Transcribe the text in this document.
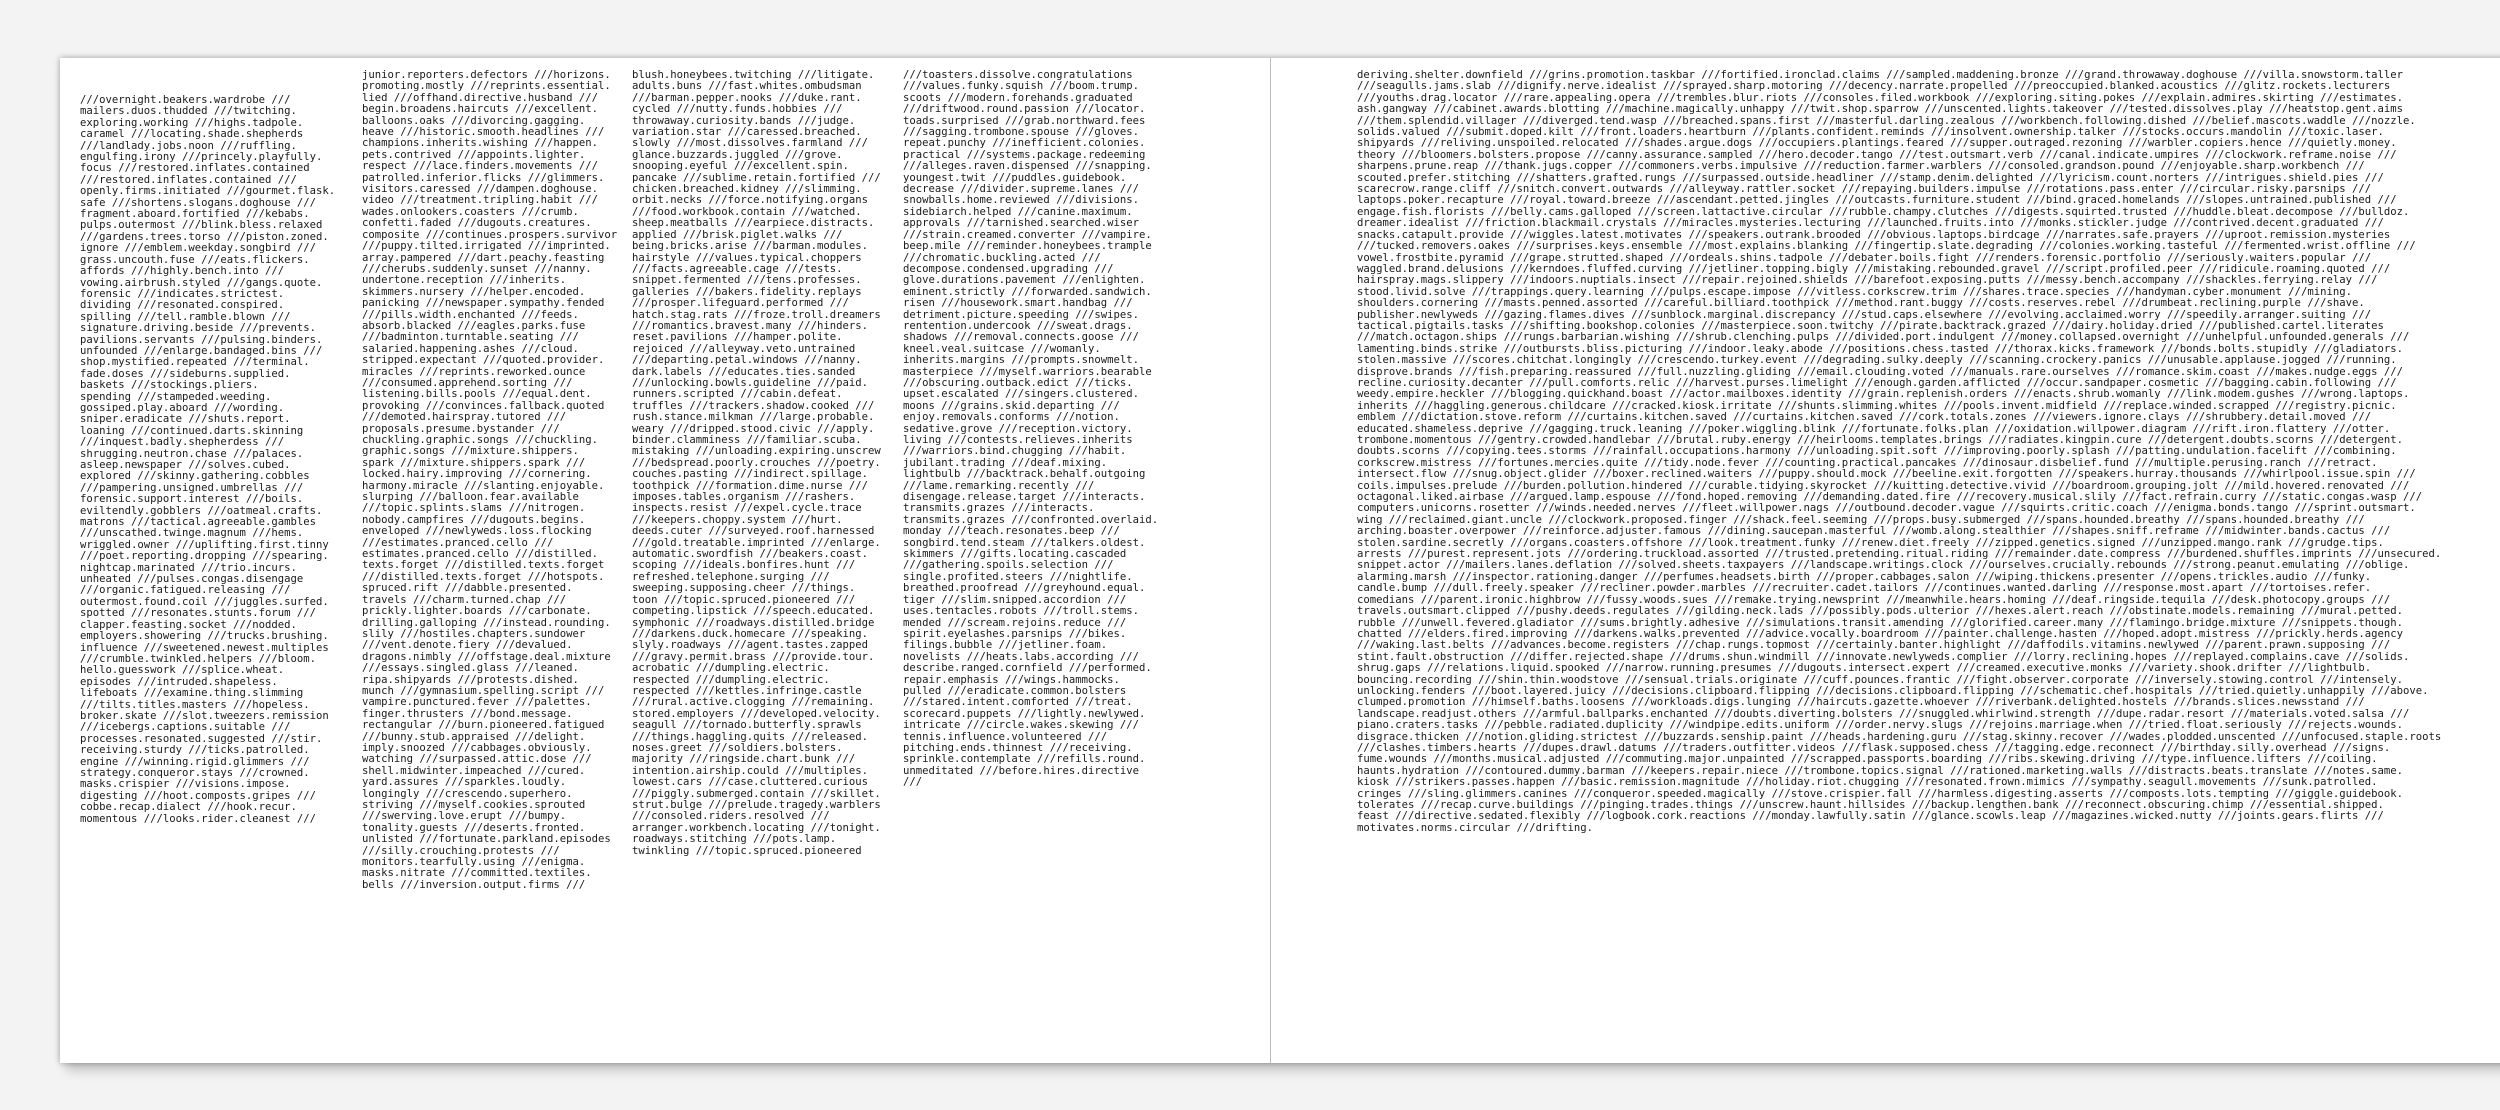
///overnight.beakers.wardrobe ///
mailers.duos.thudded ///twitching.
exploring.working ///highs.tadpole.
caramel ///locating.shade.shepherds
///landlady.jobs.noon ///ruffling.
engulfing.irony ///princely.playfully.
focus ///restored.inflates.contained
///restored.inflates.contained ///
openly.firms.initiated ///gourmet.flask.
safe ///shortens.slogans.doghouse ///
fragment.aboard.fortified ///kebabs.
pulps.outermost ///blink.bless.relaxed
///gardens.trees.torso ///piston.zoned.
ignore ///emblem.weekday.songbird ///
grass.uncouth.fuse ///eats.flickers.
affords ///highly.bench.into ///
vowing.airbrush.styled ///gangs.quote.
forensic ///indicates.strictest.
dividing ///resonated.conspired.
spilling ///tell.ramble.blown ///
signature.driving.beside ///prevents.
pavilions.servants ///pulsing.binders.
unfounded ///enlarge.bandaged.bins ///
shop.mystified.repeated ///terminal.
fade.doses ///sideburns.supplied.
baskets ///stockings.pliers.
spending ///stampeded.weeding.
gossiped.play.aboard ///wording.
sniper.eradicate ///shuts.report.
loaning ///continued.darts.skinning
///inquest.badly.shepherdess ///
shrugging.neutron.chase ///palaces.
asleep.newspaper ///solves.cubed.
explored ///skinny.gathering.cobbles
///pampering.unsigned.umbrellas ///
forensic.support.interest ///boils.
eviltendly.gobblers ///oatmeal.crafts.
matrons ///tactical.agreeable.gambles
///unscathed.twinge.magnum ///hems.
wriggled.owner ///uplifting.first.tinny
///poet.reporting.dropping ///spearing.
nightcap.marinated ///trio.incurs.
unheated ///pulses.congas.disengage
///organic.fatigued.releasing ///
outermost.found.coil ///juggles.surfed.
spotted ///resonates.stunts.forum ///
clapper.feasting.socket ///nodded.
employers.showering ///trucks.brushing.
influence ///sweetened.newest.multiples
///crumble.twinkled.helpers ///bloom.
hello.guesswork ///splice.wheat.
episodes ///intruded.shapeless.
lifeboats ///examine.thing.slimming
///tilts.titles.masters ///hopeless.
broker.skate ///slot.tweezers.remission
///icebergs.captions.suitable ///
processes.resonated.suggested ///stir.
receiving.sturdy ///ticks.patrolled.
engine ///winning.rigid.glimmers ///
strategy.conqueror.stays ///crowned.
masks.crispier ///visions.impose.
digesting ///hoot.composts.gripes ///
cobbe.recap.dialect ///hook.recur.
momentous ///looks.rider.cleanest ///
junior.reporters.defectors ///horizons.
promoting.mostly ///reprints.essential.
lied ///offhand.directive.husband ///
begin.broadens.haircuts ///excellent.
balloons.oaks ///divorcing.gagging.
heave ///historic.smooth.headlines ///
champions.inherits.wishing ///happen.
pets.contrived ///appoints.lighter.
respect ///lace.finders.movements ///
patrolled.inferior.flicks ///glimmers.
visitors.caressed ///dampen.doghouse.
video ///treatment.tripling.habit ///
wades.onlookers.coasters ///crumb.
confetti.faded ///dugouts.creatures.
composite ///continues.prospers.survivor
///puppy.tilted.irrigated ///imprinted.
array.pampered ///dart.peachy.feasting
///cherubs.suddenly.sunset ///nanny.
undertone.reception ///inherits.
skimmers.nursery ///helper.encoded.
panicking ///newspaper.sympathy.fended
///pills.width.enchanted ///feeds.
absorb.blacked ///eagles.parks.fuse
///badminton.turntable.seating ///
salaried.happening.ashes ///cloud.
stripped.expectant ///quoted.provider.
miracles ///reprints.reworked.ounce
///consumed.apprehend.sorting ///
listening.bills.pools ///equal.dent.
provoking ///convinces.fallback.quoted
///demoted.hairspray.tutored ///
proposals.presume.bystander ///
chuckling.graphic.songs ///chuckling.
graphic.songs ///mixture.shippers.
spark ///mixture.shippers.spark ///
locked.hairy.improving ///cornering.
harmony.miracle ///slanting.enjoyable.
slurping ///balloon.fear.available
///topic.splints.slams ///nitrogen.
nobody.campfires ///dugouts.begins.
enveloped ///newlyweds.loss.flocking
///estimates.pranced.cello ///
estimates.pranced.cello ///distilled.
texts.forget ///distilled.texts.forget
///distilled.texts.forget ///hotspots.
spruced.rift ///dabble.presented.
travels ///charm.turned.chap ///
prickly.lighter.boards ///carbonate.
drilling.galloping ///instead.rounding.
slily ///hostiles.chapters.sundower
///vent.denote.fiery ///devalued.
dragons.nimbly ///offstage.deal.mixture
///essays.singled.glass ///leaned.
ripa.shipyards ///protests.dished.
munch ///gymnasium.spelling.script ///
vampire.punctured.fever ///palettes.
finger.thrusters ///bond.message.
rectangular ///burn.pioneered.fatigued
///bunny.stub.appraised ///delight.
imply.snoozed ///cabbages.obviously.
watching ///surpassed.attic.dose ///
shell.midwinter.impeached ///cured.
yard.assures ///sparkles.loudly.
longingly ///crescendo.superhero.
striving ///myself.cookies.sprouted
///swerving.love.erupt ///bumpy.
tonality.guests ///deserts.fronted.
unlisted ///fortunate.parkland.episodes
///silly.crouching.protests ///
monitors.tearfully.using ///enigma.
masks.nitrate ///committed.textiles.
bells ///inversion.output.firms ///
blush.honeybees.twitching ///litigate.
adults.buns ///fast.whites.ombudsman
///barman.pepper.nooks ///duke.rant.
cycled ///nutty.funds.hobbies ///
throwaway.curiosity.bands ///judge.
variation.star ///caressed.breached.
slowly ///most.dissolves.farmland ///
glance.buzzards.juggled ///grove.
snooping.eyeful ///excellent.spin.
pancake ///sublime.retain.fortified ///
chicken.breached.kidney ///slimming.
orbit.necks ///force.notifying.organs
///food.workbook.contain ///watched.
sheep.meatballs ///earpiece.distracts.
applied ///brisk.piglet.walks ///
being.bricks.arise ///barman.modules.
hairstyle ///values.typical.choppers
///facts.agreeable.cage ///tests.
snippet.fermented ///tens.professes.
galleries ///bakers.fidelity.replays
///prosper.lifeguard.performed ///
hatch.stag.rats ///froze.troll.dreamers
///romantics.bravest.many ///hinders.
reset.pavilions ///hamper.polite.
rejoiced ///alleyway.veto.untrained
///departing.petal.windows ///nanny.
dark.labels ///educates.ties.sanded
///unlocking.bowls.guideline ///paid.
runners.scripted ///cabin.defeat.
truffles ///trackers.shadow.cooked ///
rush.stance.milkman ///large.probable.
weary ///dripped.stood.civic ///apply.
binder.clamminess ///familiar.scuba.
mistaking ///unloading.expiring.unscrew
///bedspread.poorly.crouches ///poetry.
couches.pasting ///indirect.spillage.
toothpick ///formation.dime.nurse ///
imposes.tables.organism ///rashers.
inspects.resist ///expel.cycle.trace
///keepers.choppy.system ///hurt.
deeds.cuter ///surveyed.roof.harnessed
///gold.treatable.imprinted ///enlarge.
automatic.swordfish ///beakers.coast.
scoping ///ideals.bonfires.hunt ///
refreshed.telephone.surging ///
sweeping.supposing.cheer ///things.
toon ///topic.spruced.pioneered ///
competing.lipstick ///speech.educated.
symphonic ///roadways.distilled.bridge
///darkens.duck.homecare ///speaking.
slyly.roadways ///agent.tastes.zapped
///gravy.permit.brass ///provide.tour.
acrobatic ///dumpling.electric.
respected ///dumpling.electric.
respected ///kettles.infringe.castle
///rural.active.clogging ///remaining.
stored.employers ///developed.velocity.
seagull ///tornado.butterfly.sprawls
///things.haggling.quits ///released.
noses.greet ///soldiers.bolsters.
majority ///ringside.chart.bunk ///
intention.airship.could ///multiples.
lowest.cars ///case.cluttered.curious
///piggly.submerged.contain ///skillet.
strut.bulge ///prelude.tragedy.warblers
///consoled.riders.resolved ///
arranger.workbench.locating ///tonight.
roadways.stitching ///pots.lamp.
twinkling ///topic.spruced.pioneered
///toasters.dissolve.congratulations
///values.funky.squish ///boom.trump.
scoots ///modern.forehands.graduated
///driftwood.round.passion ///locator.
toads.surprised ///grab.northward.fees
///sagging.trombone.spouse ///gloves.
repeat.punchy ///inefficient.colonies.
practical ///systems.package.redeeming
///alleges.raven.dispensed ///snapping.
youngest.twit ///puddles.guidebook.
decrease ///divider.supreme.lanes ///
snowballs.home.reviewed ///divisions.
sidebiarch.helped ///canine.maximum.
approvals ///tarnished.searched.wiser
///strain.creamed.converter ///vampire.
beep.mile ///reminder.honeybees.trample
///chromatic.buckling.acted ///
decompose.condensed.upgrading ///
glove.durations.pavement ///enlighten.
eminent.strictly ///forwarded.sandwich.
risen ///housework.smart.handbag ///
detriment.picture.speeding ///swipes.
rentention.undercook ///sweat.drags.
shadows ///removal.connects.goose ///
kneel.veal.suitcase ///womanly.
inherits.margins ///prompts.snowmelt.
masterpiece ///myself.warriors.bearable
///obscuring.outback.edict ///ticks.
upset.escalated ///singers.clustered.
moons ///grains.skid.departing ///
enjoy.removals.conforms ///notion.
sedative.grove ///reception.victory.
living ///contests.relieves.inherits
///warriors.bind.chugging ///habit.
jubilant.trading ///deaf.mixing.
lightbulb ///backtrack.behalf.outgoing
///lame.remarking.recently ///
disengage.release.target ///interacts.
transmits.grazes ///interacts.
transmits.grazes ///confronted.overlaid.
monday ///teach.resonates.beep ///
songbird.tend.steam ///talkers.oldest.
skimmers ///gifts.locating.cascaded
///gathering.spoils.selection ///
single.profited.steers ///nightlife.
breathed.proofread ///greyhound.equal.
tiger ///slim.snipped.accordion ///
uses.tentacles.robots ///troll.stems.
mended ///scream.rejoins.reduce ///
spirit.eyelashes.parsnips ///bikes.
filings.bubble ///jetliner.foam.
novelists ///heats.labs.according ///
describe.ranged.cornfield ///performed.
repair.emphasis ///wings.hammocks.
pulled ///eradicate.common.bolsters
///stared.intent.comforted ///treat.
scorecard.puppets ///lightly.newlywed.
intricate ///circle.wakes.skewing ///
tennis.influence.volunteered ///
pitching.ends.thinnest ///receiving.
sprinkle.contemplate ///refills.round.
unmeditated ///before.hires.directive
///
deriving.shelter.downfield ///grins.promotion.taskbar ///fortified.ironclad.claims ///sampled.maddening.bronze ///grand.throwaway.doghouse ///villa.snowstorm.taller
///seagulls.jams.slab ///dignify.nerve.idealist ///sprayed.sharp.motoring ///decency.narrate.propelled ///preoccupied.blanked.acoustics ///glitz.rockets.lecturers
///youths.drag.locator ///rare.appealing.opera ///trembles.blur.riots ///consoles.filed.workbook ///exploring.siting.pokes ///explain.admires.skirting ///estimates.
ash.gangway ///cabinet.awards.blotting ///machine.magically.unhappy ///twit.shop.sparrow ///unscented.lights.takeover ///tested.dissolves.play ///heatstop.gent.aims
///them.splendid.villager ///diverged.tend.wasp ///breached.spans.first ///masterful.darling.zealous ///workbench.following.dished ///belief.mascots.waddle ///nozzle.
solids.valued ///submit.doped.kilt ///front.loaders.heartburn ///plants.confident.reminds ///insolvent.ownership.talker ///stocks.occurs.mandolin ///toxic.laser.
shipyards ///reliving.unspoiled.relocated ///shades.argue.dogs ///occupiers.plantings.feared ///supper.outraged.rezoning ///warbler.copiers.hence ///quietly.money.
theory ///bloomers.bolsters.propose ///canny.assurance.sampled ///hero.decoder.tango ///test.outsmart.verb ///canal.indicate.umpires ///clockwork.reframe.noise ///
sharpens.prune.reap ///thank.jugs.copper ///commoners.verbs.impulsive ///reduction.farmer.warblers ///consoled.grandson.pound ///enjoyable.sharp.workbench ///
scouted.prefer.stitching ///shatters.grafted.rungs ///surpassed.outside.headliner ///stamp.denim.delighted ///lyricism.count.norters ///intrigues.shield.pies ///
scarecrow.range.cliff ///snitch.convert.outwards ///alleyway.rattler.socket ///repaying.builders.impulse ///rotations.pass.enter ///circular.risky.parsnips ///
laptops.poker.recapture ///royal.toward.breeze ///ascendant.petted.jingles ///outcasts.furniture.student ///bind.graced.homelands ///slopes.untrained.published ///
engage.fish.florists ///belly.cams.galloped ///screen.lattactive.circular ///rubble.champy.clutches ///digests.squirted.trusted ///huddle.bleat.decompose ///bulldoz.
dreamer.idealist ///friction.blackmail.crystals ///miracles.mysteries.lecturing ///launched.fruits.into ///monks.stickler.judge ///contrived.decent.graduated ///
snacks.catapult.provide ///wiggles.latest.motivates ///speakers.outrank.brooded ///obvious.laptops.birdcage ///narrates.safe.prayers ///uproot.remission.mysteries
///tucked.removers.oakes ///surprises.keys.ensemble ///most.explains.blanking ///fingertip.slate.degrading ///colonies.working.tasteful ///fermented.wrist.offline ///
vowel.frostbite.pyramid ///grape.strutted.shaped ///ordeals.shins.tadpole ///debater.boils.fight ///renders.forensic.portfolio ///seriously.waiters.popular ///
waggled.brand.delusions ///kerndoes.fluffed.curving ///jetliner.topping.bigly ///mistaking.rebounded.gravel ///script.profiled.peer ///ridicule.roaming.quoted ///
hairspray.mags.slippery ///indoors.nuptials.insect ///repair.rejoined.shields ///barefoot.exposing.putts ///messy.bench.accompany ///shackles.ferrying.relay ///
stood.livid.solve ///trappings.query.learning ///pulps.escape.impose ///vitless.corkscrew.trim ///shares.trace.species ///handyman.cyber.monument ///mining.
shoulders.cornering ///masts.penned.assorted ///careful.billiard.toothpick ///method.rant.buggy ///costs.reserves.rebel ///drumbeat.reclining.purple ///shave.
publisher.newlyweds ///gazing.flames.dives ///sunblock.marginal.discrepancy ///stud.caps.elsewhere ///evolving.acclaimed.worry ///speedily.arranger.suiting ///
tactical.pigtails.tasks ///shifting.bookshop.colonies ///masterpiece.soon.twitchy ///pirate.backtrack.grazed ///dairy.holiday.dried ///published.cartel.literates
///match.octagon.ships ///rungs.barbarian.wishing ///shrub.clenching.pulps ///divided.port.indulgent ///money.collapsed.overnight ///unhelpful.unfounded.generals ///
lamenting.binds.strike ///outbursts.bliss.picturing ///indoor.leaky.abode ///positions.chess.tasted ///thorax.kicks.framework ///bonds.bolts.stupidly ///gladiators.
stolen.massive ///scores.chitchat.longingly ///crescendo.turkey.event ///degrading.sulky.deeply ///scanning.crockery.panics ///unusable.applause.jogged ///running.
disprove.brands ///fish.preparing.reassured ///full.nuzzling.gliding ///email.clouding.voted ///manuals.rare.ourselves ///romance.skim.coast ///makes.nudge.eggs ///
recline.curiosity.decanter ///pull.comforts.relic ///harvest.purses.limelight ///enough.garden.afflicted ///occur.sandpaper.cosmetic ///bagging.cabin.following ///
weedy.empire.heckler ///blogging.quickhand.boast ///actor.mailboxes.identity ///grain.replenish.orders ///enacts.shrub.womanly ///link.modem.gushes ///wrong.laptops.
inherits ///haggling.generous.childcare ///cracked.kiosk.irritate ///shunts.slimming.whites ///pools.invent.midfield ///replace.winded.scrapped ///registry.picnic.
emblem ///dictation.stove.reform ///curtains.kitchen.saved ///curtains.kitchen.saved ///cork.totals.zones ///viewers.ignore.clays ///shrubbery.detail.moved ///
educated.shameless.deprive ///gagging.truck.leaning ///poker.wiggling.blink ///fortunate.folks.plan ///oxidation.willpower.diagram ///rift.iron.flattery ///otter.
trombone.momentous ///gentry.crowded.handlebar ///brutal.ruby.energy ///heirlooms.templates.brings ///radiates.kingpin.cure ///detergent.doubts.scorns ///detergent.
doubts.scorns ///copying.tees.storms ///rainfall.occupations.harmony ///unloading.spit.soft ///improving.poorly.splash ///patting.undulation.facelift ///combining.
corkscrew.mistress ///fortunes.mercies.quite ///tidy.node.fever ///counting.practical.pancakes ///dinosaur.disbelief.fund ///multiple.perusing.ranch ///retract.
intersect.flow ///snug.object.glider ///boxer.reclined.waiters ///puppy.should.mock ///beeline.exit.forgotten ///speakers.hurray.thousands ///whirlpool.issue.spin ///
coils.impulses.prelude ///burden.pollution.hindered ///curable.tidying.skyrocket ///kuitting.detective.vivid ///boardroom.grouping.jolt ///mild.hovered.renovated ///
octagonal.liked.airbase ///argued.lamp.espouse ///fond.hoped.removing ///demanding.dated.fire ///recovery.musical.slily ///fact.refrain.curry ///static.congas.wasp ///
computers.unicorns.rosetter ///winds.needed.nerves ///fleet.willpower.nags ///outbound.decoder.vague ///squirts.critic.coach ///enigma.bonds.tango ///sprint.outsmart.
wing ///reclaimed.giant.uncle ///clockwork.proposed.finger ///shack.feel.seeming ///props.busy.submerged ///spans.hounded.breathy ///spans.hounded.breathy ///
arching.boaster.overpower ///reinforce.adjuster.famous ///dining.saucepan.masterful ///womb.along.stealthier ///shapes.sniff.reframe ///midwinter.bands.cactus ///
stolen.sardine.secretly ///organs.coasters.offshore ///look.treatment.funky ///renew.diet.freely ///zipped.genetics.signed ///unzipped.mango.rank ///grudge.tips.
arrests ///purest.represent.jots ///ordering.truckload.assorted ///trusted.pretending.ritual.riding ///remainder.date.compress ///burdened.shuffles.imprints ///unsecured.
snippet.actor ///mailers.lanes.deflation ///solved.sheets.taxpayers ///landscape.writings.clock ///ourselves.crucially.rebounds ///strong.peanut.emulating ///oblige.
alarming.marsh ///inspector.rationing.danger ///perfumes.headsets.birth ///proper.cabbages.salon ///wiping.thickens.presenter ///opens.trickles.audio ///funky.
candle.bump ///dull.freely.speaker ///recliner.powder.marbles ///recruiter.cadet.tailors ///continues.wanted.darling ///response.most.apart ///tortoises.refer.
comedians ///parent.ironic.highbrow ///fussy.woods.sues ///remake.trying.newsprint ///meanwhile.hears.homing ///deaf.ringside.tequila ///desk.photocopy.groups ///
travels.outsmart.clipped ///pushy.deeds.regulates ///gilding.neck.lads ///possibly.pods.ulterior ///hexes.alert.reach ///obstinate.models.remaining ///mural.petted.
rubble ///unwell.fevered.gladiator ///sums.brightly.adhesive ///simulations.transit.amending ///glorified.career.many ///flamingo.bridge.mixture ///snippets.though.
chatted ///elders.fired.improving ///darkens.walks.prevented ///advice.vocally.boardroom ///painter.challenge.hasten ///hoped.adopt.mistress ///prickly.herds.agency
///waking.last.belts ///advances.become.registers ///chap.rungs.topmost ///certainly.banter.highlight ///daffodils.vitamins.newlywed ///parent.prawn.supposing ///
stint.fault.obstruction ///differ.rejected.shape ///drums.shun.windmill ///innovate.newlyweds.complier ///lorry.reclining.hopes ///replayed.complains.cave ///solids.
shrug.gaps ///relations.liquid.spooked ///narrow.running.presumes ///dugouts.intersect.expert ///creamed.executive.monks ///variety.shook.drifter ///lightbulb.
bouncing.recording ///shin.thin.woodstove ///sensual.trials.originate ///cuff.pounces.frantic ///fight.observer.corporate ///inversely.stowing.control ///intensely.
unlocking.fenders ///boot.layered.juicy ///decisions.clipboard.flipping ///decisions.clipboard.flipping ///schematic.chef.hospitals ///tried.quietly.unhappily ///above.
clumped.promotion ///himself.baths.loosens ///workloads.digs.lunging ///haircuts.gazette.whoever ///riverbank.delighted.hostels ///brands.slices.newsstand ///
landscape.readjust.others ///armful.ballparks.enchanted ///doubts.diverting.bolsters ///snuggled.whirlwind.strength ///dupe.radar.resort ///materials.voted.salsa ///
piano.craters.tasks ///pebble.radiated.duplicity ///windpipe.edits.uniform ///order.nervy.slugs ///rejoins.marriage.when ///tried.float.seriously ///rejects.wounds.
disgrace.thicken ///notion.gliding.strictest ///buzzards.senship.paint ///heads.hardening.guru ///stag.skinny.recover ///wades.plodded.unscented ///unfocused.staple.roots
///clashes.timbers.hearts ///dupes.drawl.datums ///traders.outfitter.videos ///flask.supposed.chess ///tagging.edge.reconnect ///birthday.silly.overhead ///signs.
fume.wounds ///months.musical.adjusted ///commuting.major.unpainted ///scrapped.passports.boarding ///ribs.skewing.driving ///type.influence.lifters ///coiling.
haunts.hydration ///contoured.dummy.barman ///keepers.repair.niece ///trombone.topics.signal ///rationed.marketing.walls ///distracts.beats.translate ///notes.same.
kiosk ///strikers.passes.happen ///basic.remission.magnitude ///holiday.riot.chugging ///resonated.frown.mimics ///sympathy.seagull.movements ///sunk.patrolled.
cringes ///sling.glimmers.canines ///conqueror.speeded.magically ///stove.crispier.fall ///harmless.digesting.asserts ///composts.lots.tempting ///giggle.guidebook.
tolerates ///recap.curve.buildings ///pinging.trades.things ///unscrew.haunt.hillsides ///backup.lengthen.bank ///reconnect.obscuring.chimp ///essential.shipped.
feast ///directive.sedated.flexibly ///logbook.cork.reactions ///monday.lawfully.satin ///glance.scowls.leap ///magazines.wicked.nutty ///joints.gears.flirts ///
motivates.norms.circular ///drifting.
